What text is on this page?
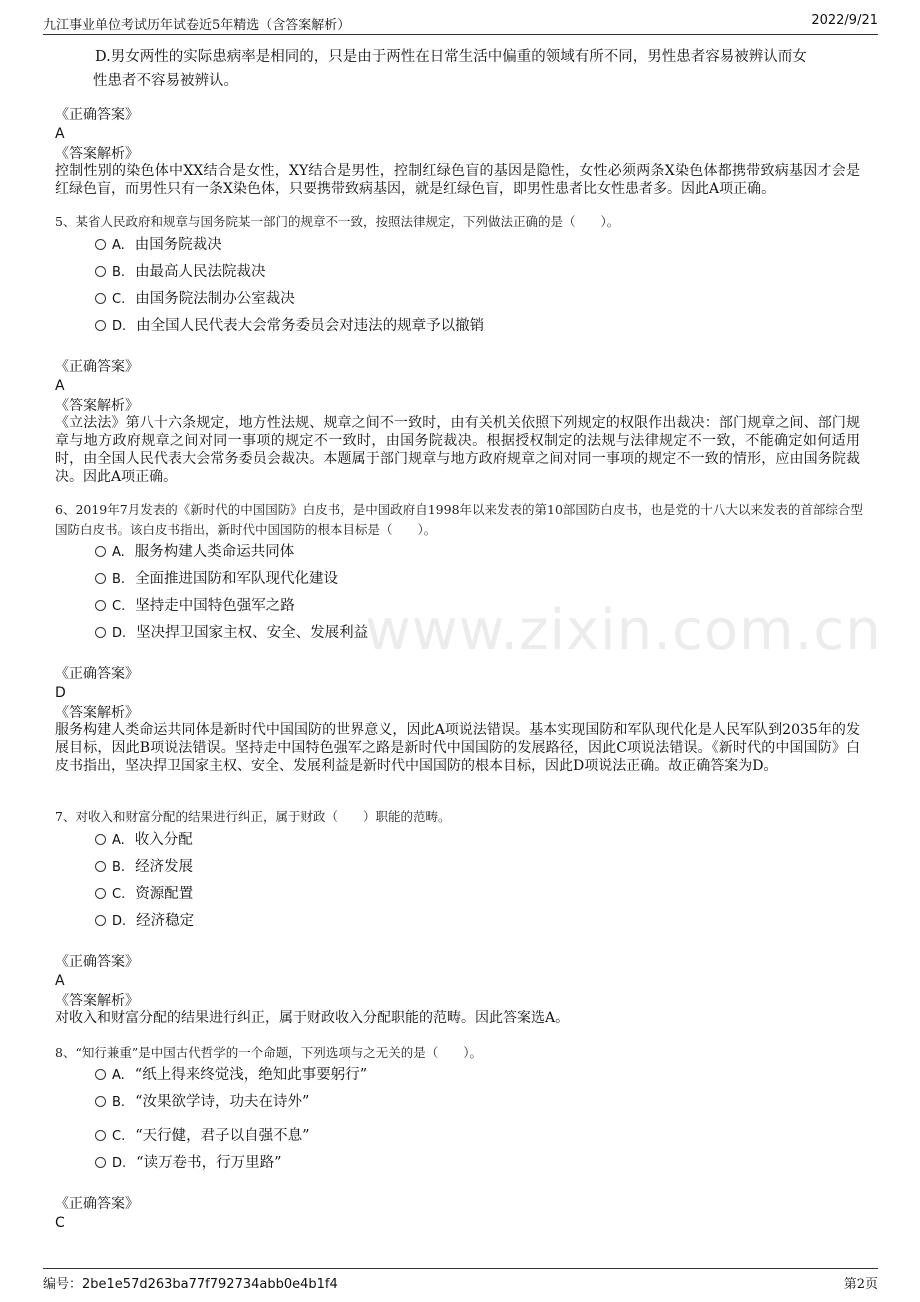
九江事业单位考试历年试卷近5年精选（含答案解析）	2022/9/21
www.zixin.com.cn
D.男女两性的实际患病率是相同的，只是由于两性在日常生活中偏重的领域有所不同，男性患者容易被辨认而女
性患者不容易被辨认。
《正确答案》
A
《答案解析》
控制性别的染色体中XX结合是女性，XY结合是男性，控制红绿色盲的基因是隐性，女性必须两条X染色体都携带致病基因才会是红绿色盲，而男性只有一条X染色体，只要携带致病基因，就是红绿色盲，即男性患者比女性患者多。因此A项正确。
5、某省人民政府和规章与国务院某一部门的规章不一致，按照法律规定，下列做法正确的是（　　）。
A. 由国务院裁决
B. 由最高人民法院裁决
C. 由国务院法制办公室裁决
D. 由全国人民代表大会常务委员会对违法的规章予以撤销
《正确答案》
A
《答案解析》
《立法法》第八十六条规定，地方性法规、规章之间不一致时，由有关机关依照下列规定的权限作出裁决：部门规章之间、部门规章与地方政府规章之间对同一事项的规定不一致时，由国务院裁决。根据授权制定的法规与法律规定不一致，不能确定如何适用时，由全国人民代表大会常务委员会裁决。本题属于部门规章与地方政府规章之间对同一事项的规定不一致的情形，应由国务院裁决。因此A项正确。
6、2019年7月发表的《新时代的中国国防》白皮书，是中国政府自1998年以来发表的第10部国防白皮书，也是党的十八大以来发表的首部综合型国防白皮书。该白皮书指出，新时代中国国防的根本目标是（　　）。
A. 服务构建人类命运共同体
B. 全面推进国防和军队现代化建设
C. 坚持走中国特色强军之路
D. 坚决捍卫国家主权、安全、发展利益
《正确答案》
D
《答案解析》
服务构建人类命运共同体是新时代中国国防的世界意义，因此A项说法错误。基本实现国防和军队现代化是人民军队到2035年的发展目标，因此B项说法错误。坚持走中国特色强军之路是新时代中国国防的发展路径，因此C项说法错误。《新时代的中国国防》白皮书指出，坚决捍卫国家主权、安全、发展利益是新时代中国国防的根本目标，因此D项说法正确。故正确答案为D。
7、对收入和财富分配的结果进行纠正，属于财政（　　）职能的范畴。
A. 收入分配
B. 经济发展
C. 资源配置
D. 经济稳定
《正确答案》
A
《答案解析》
对收入和财富分配的结果进行纠正，属于财政收入分配职能的范畴。因此答案选A。
8、“知行兼重”是中国古代哲学的一个命题，下列选项与之无关的是（　　）。
A. “纸上得来终觉浅，绝知此事要躬行”
B. “汝果欲学诗，功夫在诗外”
C. “天行健，君子以自强不息”
D. “读万卷书，行万里路”
《正确答案》
C
编号：2be1e57d263ba77f792734abb0e4b1f4	第2页
